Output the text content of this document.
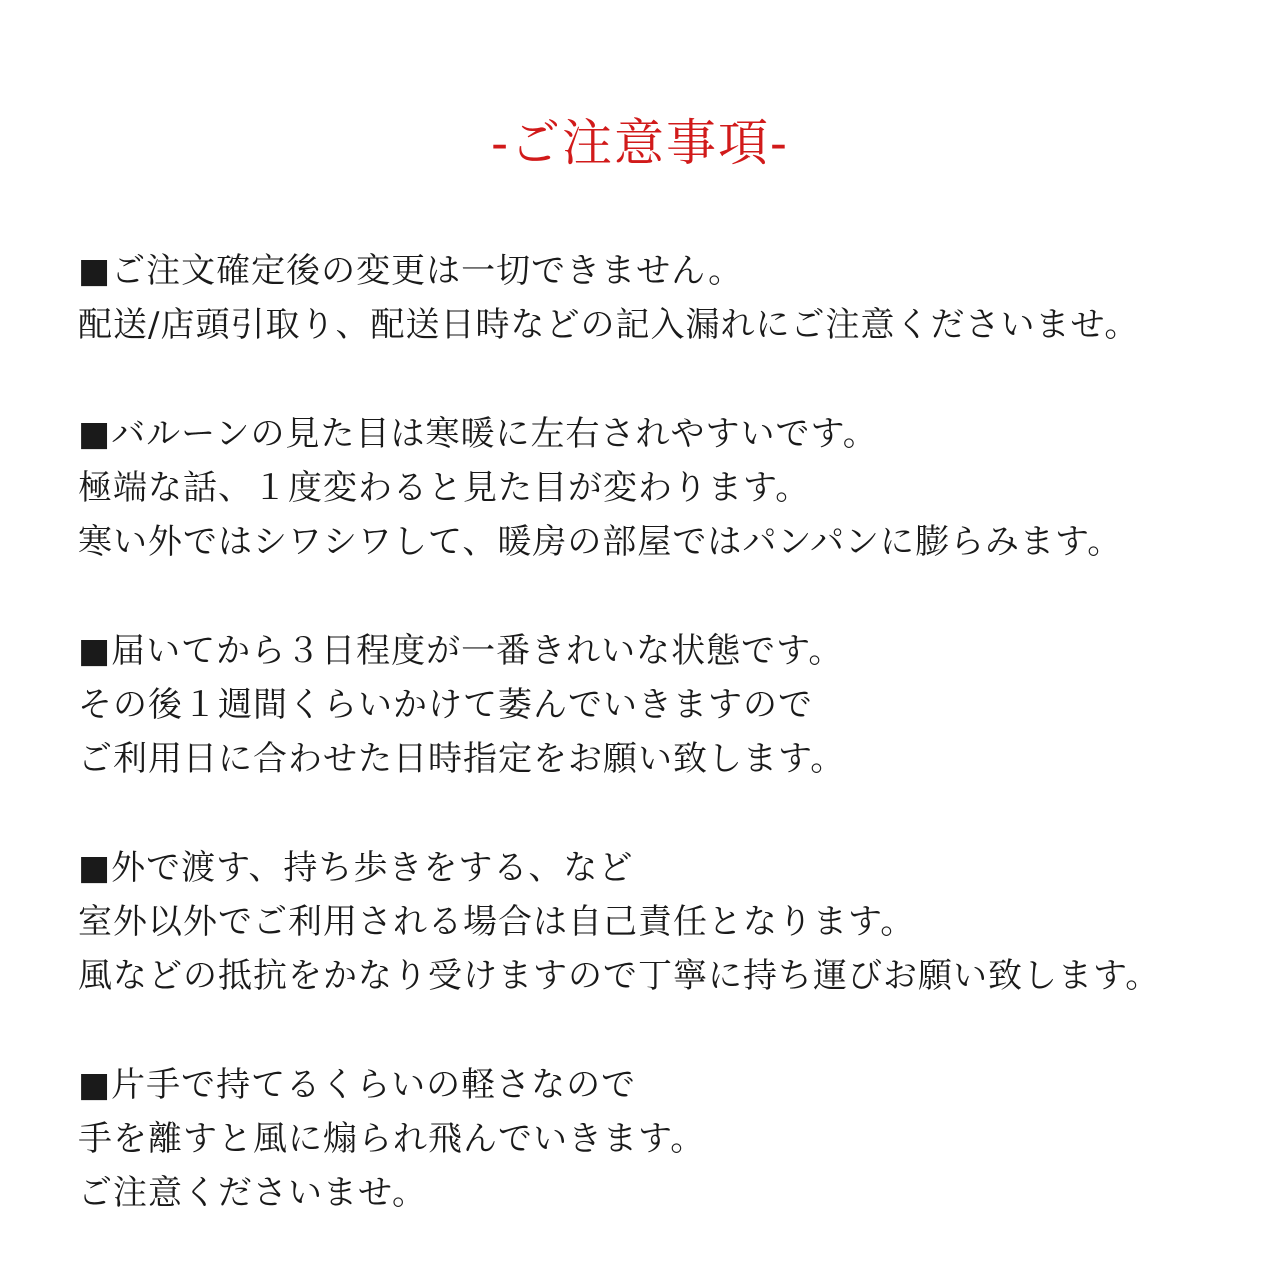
-ご注意事項-
■ご注文確定後の変更は一切できません。
配送/店頭引取り、配送日時などの記入漏れにご注意くださいませ。
■バルーンの見た目は寒暖に左右されやすいです。
極端な話、１度変わると見た目が変わります。
寒い外ではシワシワして、暖房の部屋ではパンパンに膨らみます。
■届いてから３日程度が一番きれいな状態です。
その後１週間くらいかけて萎んでいきますので
ご利用日に合わせた日時指定をお願い致します。
■外で渡す、持ち歩きをする、など
室外以外でご利用される場合は自己責任となります。
風などの抵抗をかなり受けますので丁寧に持ち運びお願い致します。
■片手で持てるくらいの軽さなので
手を離すと風に煽られ飛んでいきます。
ご注意くださいませ。
